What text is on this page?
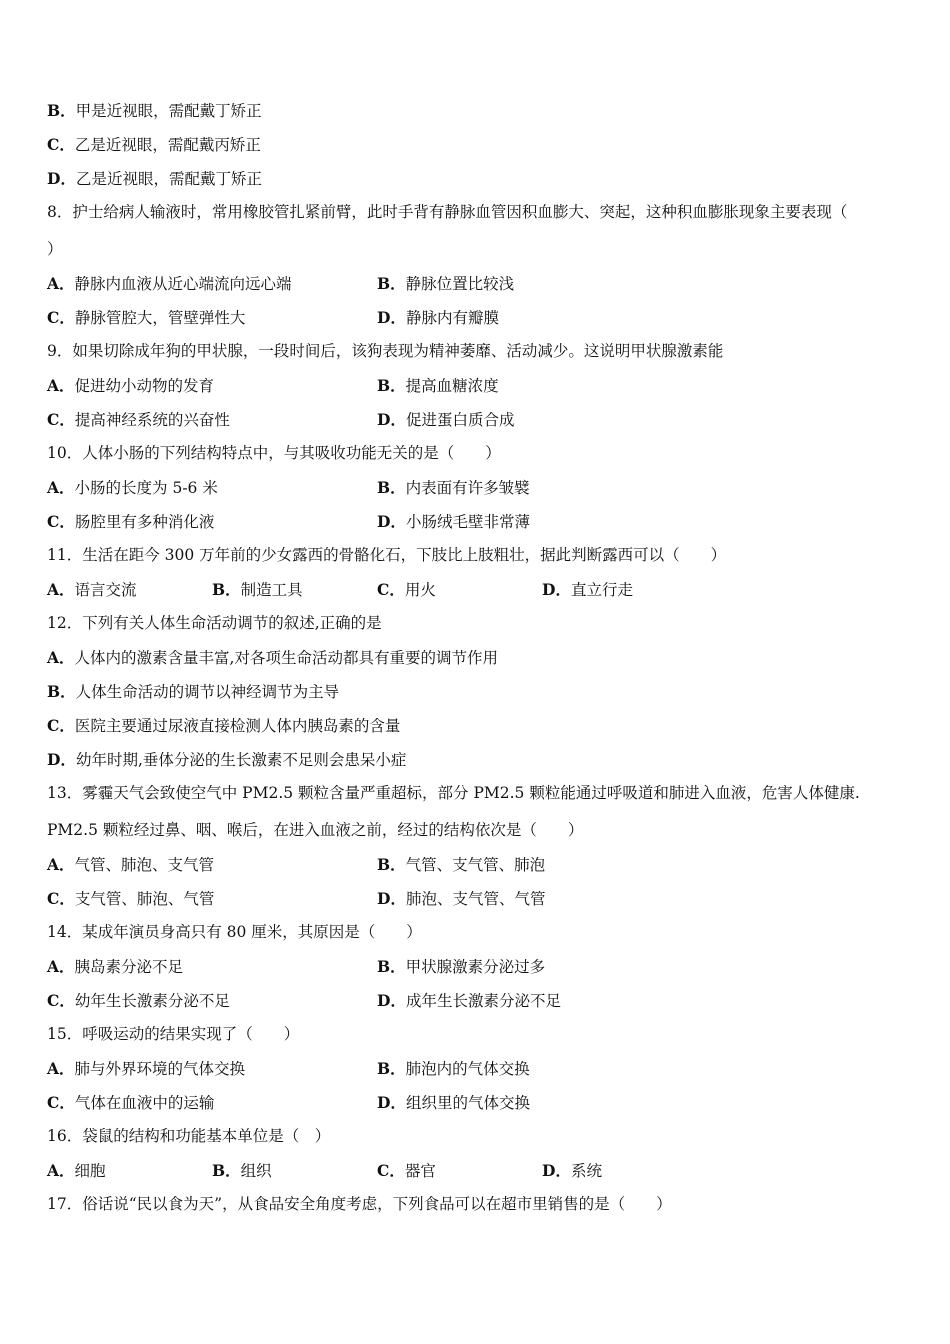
B．甲是近视眼，需配戴丁矫正
C．乙是近视眼，需配戴丙矫正
D．乙是近视眼，需配戴丁矫正
8．护士给病人输液时，常用橡胶管扎紧前臂，此时手背有静脉血管因积血膨大、突起，这种积血膨胀现象主要表现（
）
A．静脉内血液从近心端流向远心端	B．静脉位置比较浅
C．静脉管腔大，管壁弹性大	D．静脉内有瓣膜
9．如果切除成年狗的甲状腺，一段时间后，该狗表现为精神萎靡、活动减少。这说明甲状腺激素能
A．促进幼小动物的发育	B．提高血糖浓度
C．提高神经系统的兴奋性	D．促进蛋白质合成
10．人体小肠的下列结构特点中，与其吸收功能无关的是（　　）
A．小肠的长度为 5-6 米	B．内表面有许多皱襞
C．肠腔里有多种消化液	D．小肠绒毛壁非常薄
11．生活在距今 300 万年前的少女露西的骨骼化石，下肢比上肢粗壮，据此判断露西可以（　　）
A．语言交流	B．制造工具	C．用火	D．直立行走
12．下列有关人体生命活动调节的叙述,正确的是
A．人体内的激素含量丰富,对各项生命活动都具有重要的调节作用
B．人体生命活动的调节以神经调节为主导
C．医院主要通过尿液直接检测人体内胰岛素的含量
D．幼年时期,垂体分泌的生长激素不足则会患呆小症
13．雾霾天气会致使空气中 PM2.5 颗粒含量严重超标，部分 PM2.5 颗粒能通过呼吸道和肺进入血液，危害人体健康.
PM2.5 颗粒经过鼻、咽、喉后，在进入血液之前，经过的结构依次是（　　）
A．气管、肺泡、支气管	B．气管、支气管、肺泡
C．支气管、肺泡、气管	D．肺泡、支气管、气管
14．某成年演员身高只有 80 厘米，其原因是（　　）
A．胰岛素分泌不足	B．甲状腺激素分泌过多
C．幼年生长激素分泌不足	D．成年生长激素分泌不足
15．呼吸运动的结果实现了（　　）
A．肺与外界环境的气体交换	B．肺泡内的气体交换
C．气体在血液中的运输	D．组织里的气体交换
16．袋鼠的结构和功能基本单位是（　）
A．细胞	B．组织	C．器官	D．系统
17．俗话说“民以食为天”，从食品安全角度考虑，下列食品可以在超市里销售的是（　　）
